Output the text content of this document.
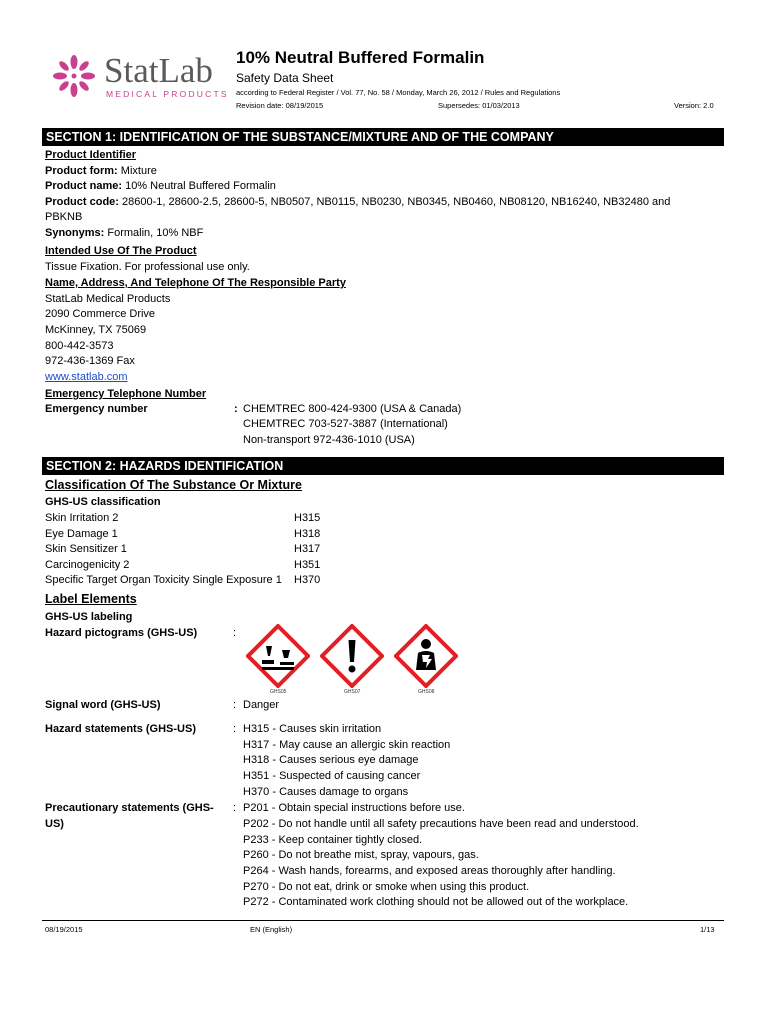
StatLab
MEDICAL PRODUCTS
10% Neutral Buffered Formalin
Safety Data Sheet
according to Federal Register / Vol. 77, No. 58 / Monday, March 26, 2012 / Rules and Regulations
Revision date: 08/19/2015	Supersedes: 01/03/2013	Version: 2.0
SECTION 1: IDENTIFICATION OF THE SUBSTANCE/MIXTURE AND OF THE COMPANY
Product Identifier
Product form: Mixture
Product name: 10% Neutral Buffered Formalin
Product code: 28600-1, 28600-2.5, 28600-5, NB0507, NB0115, NB0230, NB0345, NB0460, NB08120, NB16240, NB32480 and
PBKNB
Synonyms: Formalin, 10% NBF
Intended Use Of The Product
Tissue Fixation. For professional use only.
Name, Address, And Telephone Of The Responsible Party
StatLab Medical Products
2090 Commerce Drive
McKinney, TX 75069
800-442-3573
972-436-1369 Fax
www.statlab.com
Emergency Telephone Number
Emergency number	: CHEMTREC 800-424-9300 (USA & Canada)
CHEMTREC 703-527-3887 (International)
Non-transport 972-436-1010 (USA)
SECTION 2: HAZARDS IDENTIFICATION
Classification Of The Substance Or Mixture
GHS-US classification
Skin Irritation 2	H315
Eye Damage 1	H318
Skin Sensitizer 1	H317
Carcinogenicity 2	H351
Specific Target Organ Toxicity Single Exposure 1 H370
Label Elements
GHS-US labeling
Hazard pictograms (GHS-US)	:
GHS05	GHS07	GHS08
Signal word (GHS-US)	: Danger
Hazard statements (GHS-US)	: H315 - Causes skin irritation
H317 - May cause an allergic skin reaction
H318 - Causes serious eye damage
H351 - Suspected of causing cancer
H370 - Causes damage to organs
Precautionary statements (GHS-
US)
: P201 - Obtain special instructions before use.
P202 - Do not handle until all safety precautions have been read and understood.
P233 - Keep container tightly closed.
P260 - Do not breathe mist, spray, vapours, gas.
P264 - Wash hands, forearms, and exposed areas thoroughly after handling.
P270 - Do not eat, drink or smoke when using this product.
P272 - Contaminated work clothing should not be allowed out of the workplace.
08/19/2015	EN (English)	1/13
